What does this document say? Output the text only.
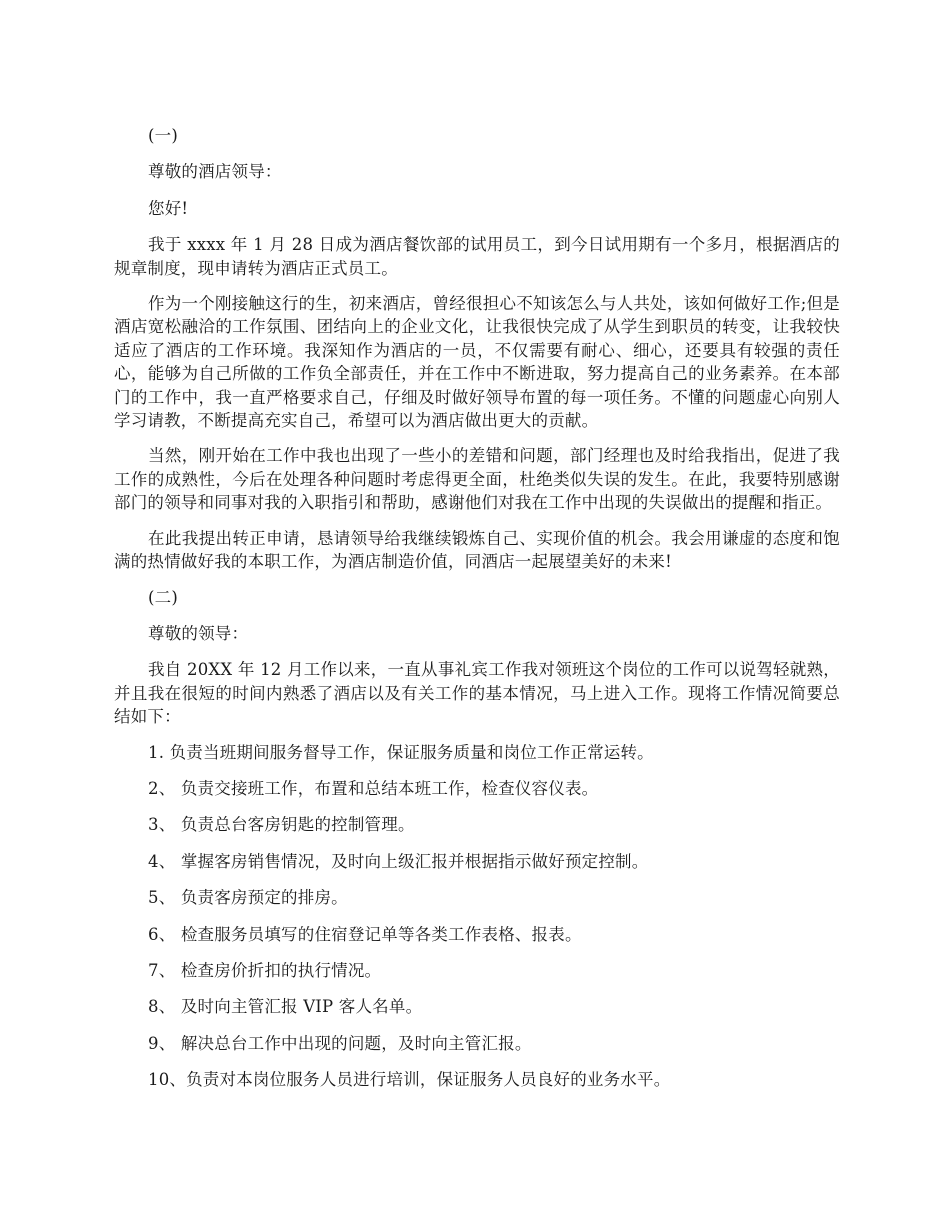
(一)

尊敬的酒店领导：

您好!

我于 xxxx 年 1 月 28 日成为酒店餐饮部的试用员工，到今日试用期有一个多月，根据酒店的规章制度，现申请转为酒店正式员工。

作为一个刚接触这行的生，初来酒店，曾经很担心不知该怎么与人共处，该如何做好工作;但是酒店宽松融洽的工作氛围、团结向上的企业文化，让我很快完成了从学生到职员的转变，让我较快适应了酒店的工作环境。我深知作为酒店的一员，不仅需要有耐心、细心，还要具有较强的责任心，能够为自己所做的工作负全部责任，并在工作中不断进取，努力提高自己的业务素养。在本部门的工作中，我一直严格要求自己，仔细及时做好领导布置的每一项任务。不懂的问题虚心向别人学习请教，不断提高充实自己，希望可以为酒店做出更大的贡献。

当然，刚开始在工作中我也出现了一些小的差错和问题，部门经理也及时给我指出，促进了我工作的成熟性，今后在处理各种问题时考虑得更全面，杜绝类似失误的发生。在此，我要特别感谢部门的领导和同事对我的入职指引和帮助，感谢他们对我在工作中出现的失误做出的提醒和指正。

在此我提出转正申请，恳请领导给我继续锻炼自己、实现价值的机会。我会用谦虚的态度和饱满的热情做好我的本职工作，为酒店制造价值，同酒店一起展望美好的未来!

(二)

尊敬的领导：

我自 20XX 年 12 月工作以来，一直从事礼宾工作我对领班这个岗位的工作可以说驾轻就熟，并且我在很短的时间内熟悉了酒店以及有关工作的基本情况，马上进入工作。现将工作情况简要总结如下：

1. 负责当班期间服务督导工作，保证服务质量和岗位工作正常运转。

2、 负责交接班工作，布置和总结本班工作，检查仪容仪表。

3、 负责总台客房钥匙的控制管理。

4、 掌握客房销售情况，及时向上级汇报并根据指示做好预定控制。

5、 负责客房预定的排房。

6、 检查服务员填写的住宿登记单等各类工作表格、报表。

7、 检查房价折扣的执行情况。

8、 及时向主管汇报 VIP 客人名单。

9、 解决总台工作中出现的问题，及时向主管汇报。

10、负责对本岗位服务人员进行培训，保证服务人员良好的业务水平。
